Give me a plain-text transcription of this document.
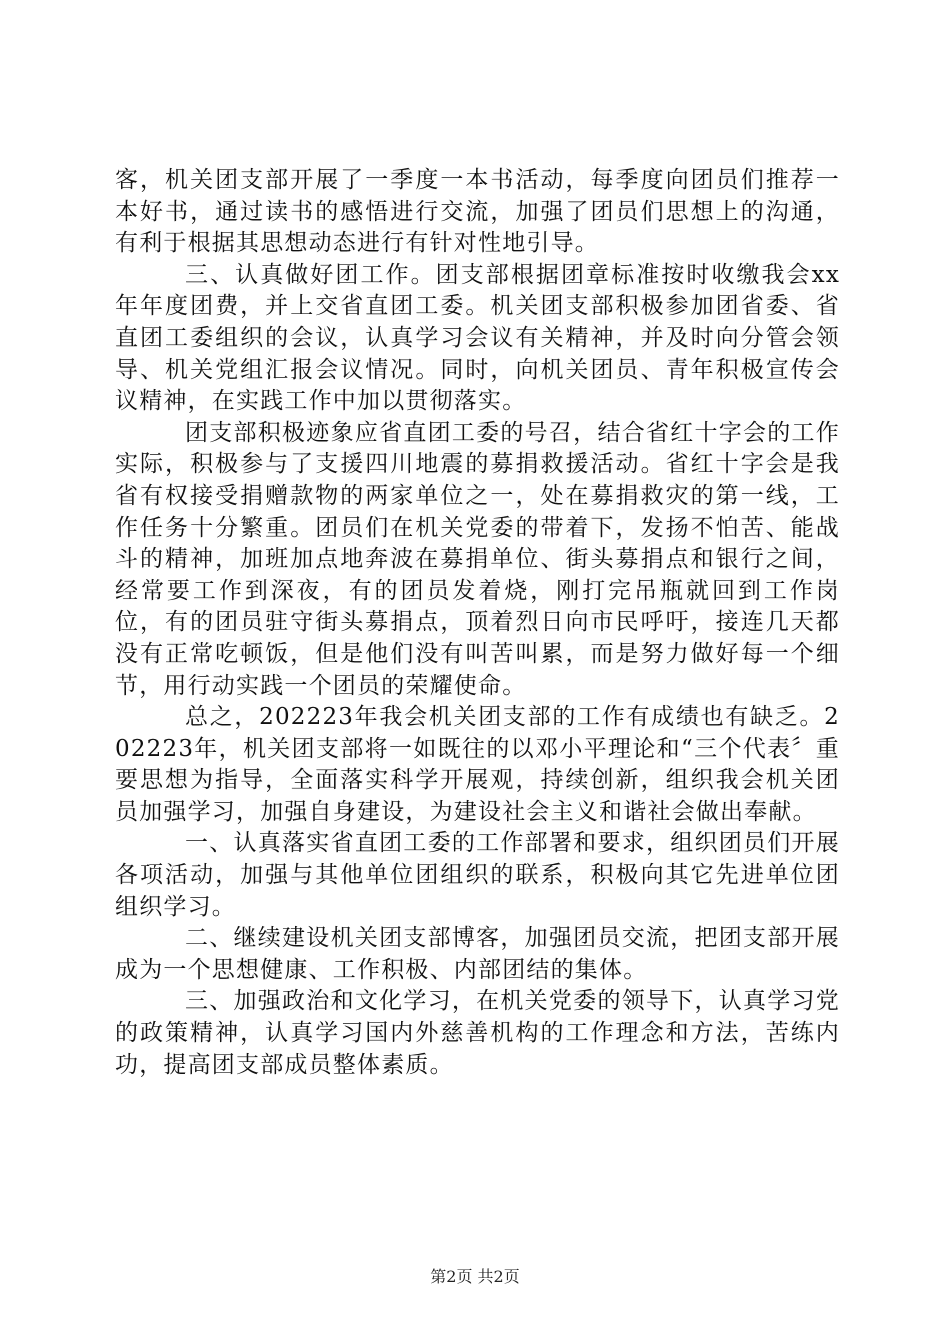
客，机关团支部开展了一季度一本书活动，每季度向团员们推荐一本好书，通过读书的感悟进行交流，加强了团员们思想上的沟通，有利于根据其思想动态进行有针对性地引导。

三、认真做好团工作。团支部根据团章标准按时收缴我会xx年年度团费，并上交省直团工委。机关团支部积极参加团省委、省直团工委组织的会议，认真学习会议有关精神，并及时向分管会领导、机关党组汇报会议情况。同时，向机关团员、青年积极宣传会议精神，在实践工作中加以贯彻落实。

团支部积极迹象应省直团工委的号召，结合省红十字会的工作实际，积极参与了支援四川地震的募捐救援活动。省红十字会是我省有权接受捐赠款物的两家单位之一，处在募捐救灾的第一线，工作任务十分繁重。团员们在机关党委的带着下，发扬不怕苦、能战斗的精神，加班加点地奔波在募捐单位、街头募捐点和银行之间，经常要工作到深夜，有的团员发着烧，刚打完吊瓶就回到工作岗位，有的团员驻守街头募捐点，顶着烈日向市民呼吁，接连几天都没有正常吃顿饭，但是他们没有叫苦叫累，而是努力做好每一个细节，用行动实践一个团员的荣耀使命。

总之，202223年我会机关团支部的工作有成绩也有缺乏。202223年，机关团支部将一如既往的以邓小平理论和“三个代表〞重要思想为指导，全面落实科学开展观，持续创新，组织我会机关团员加强学习，加强自身建设，为建设社会主义和谐社会做出奉献。

一、认真落实省直团工委的工作部署和要求，组织团员们开展各项活动，加强与其他单位团组织的联系，积极向其它先进单位团组织学习。

二、继续建设机关团支部博客，加强团员交流，把团支部开展成为一个思想健康、工作积极、内部团结的集体。

三、加强政治和文化学习，在机关党委的领导下，认真学习党的政策精神，认真学习国内外慈善机构的工作理念和方法，苦练内功，提高团支部成员整体素质。

第2页 共2页
